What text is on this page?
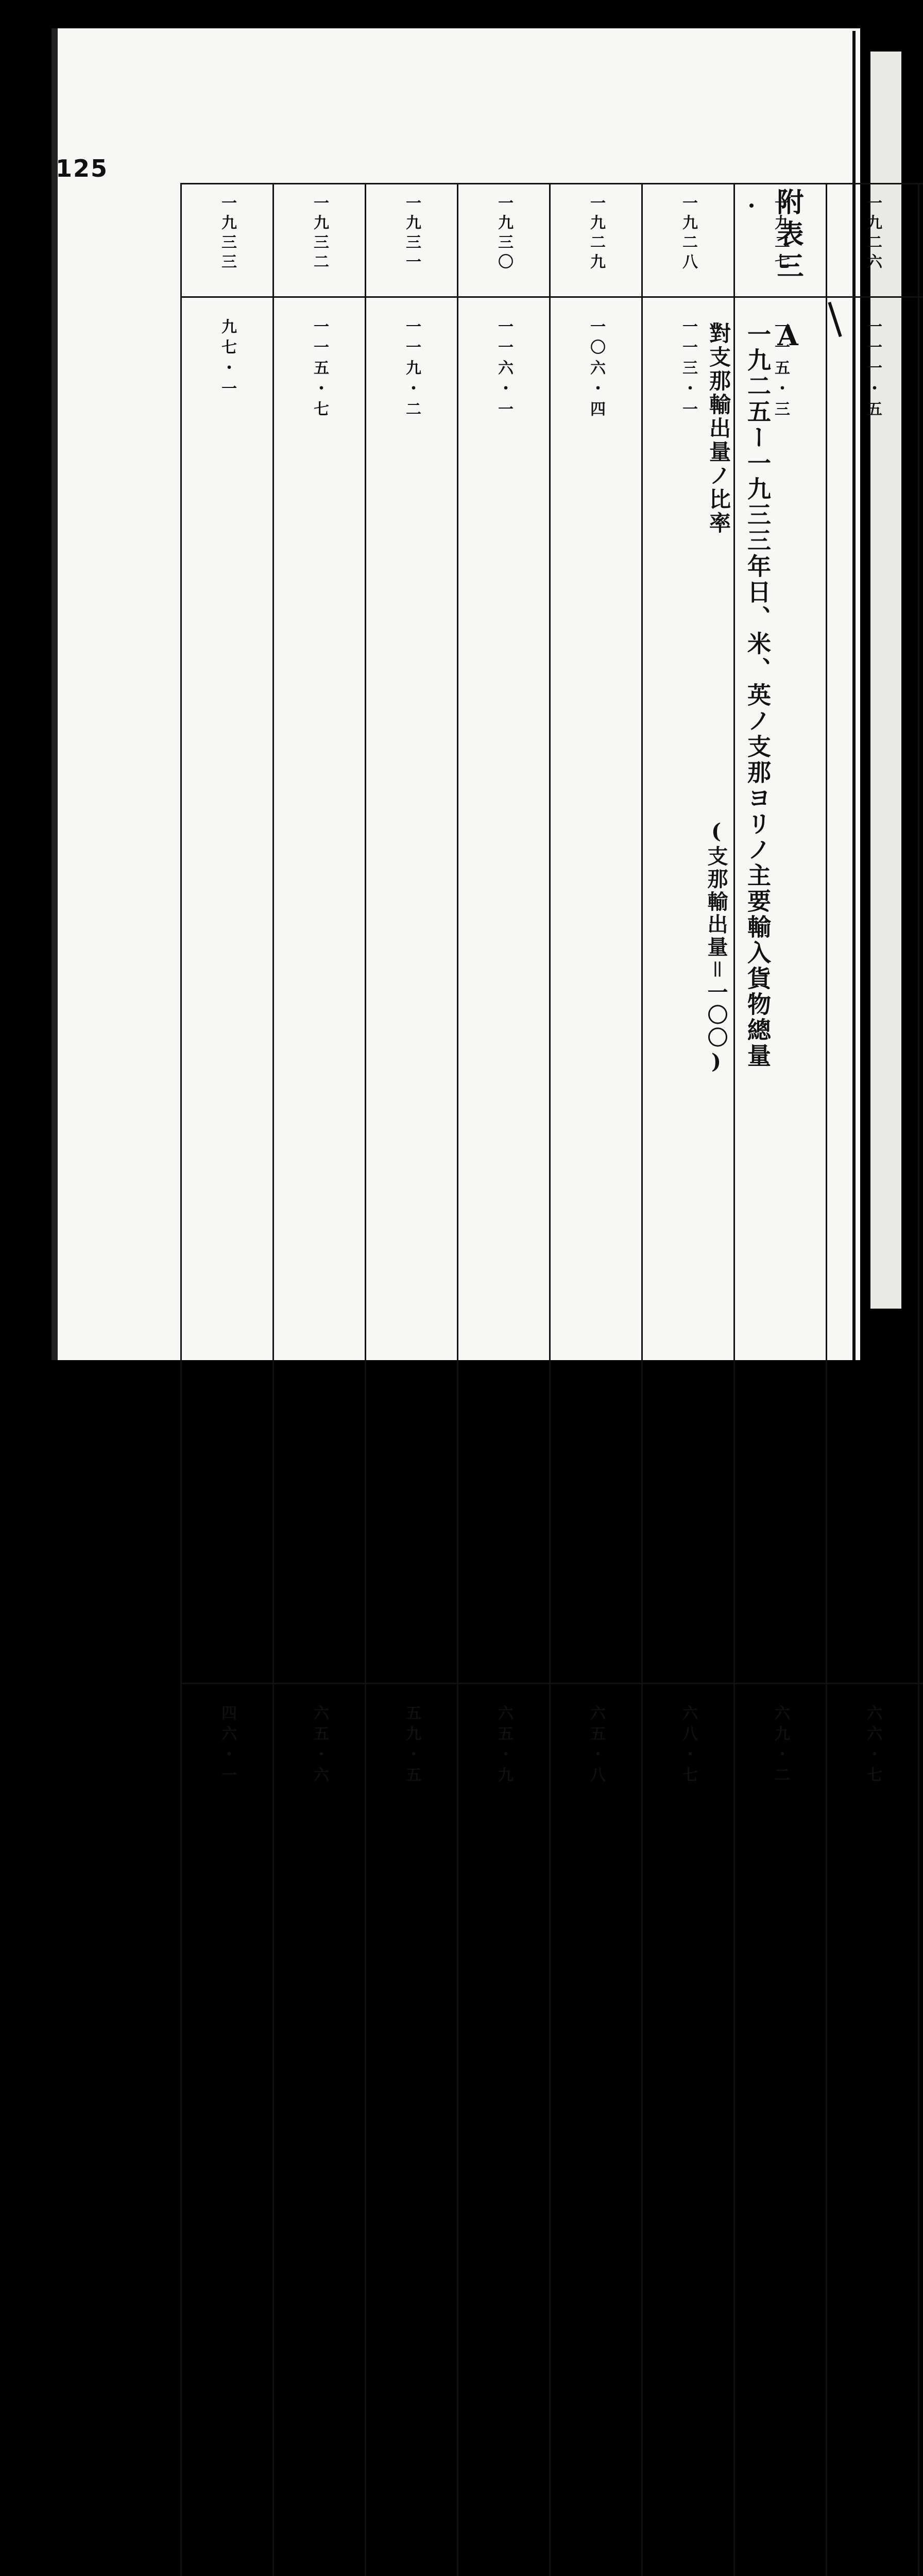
125
附表三 A
一九二五ー一九三三年日、米、英ノ支那ヨリノ主要輸入貨物總量
對支那輸出量ノ比率
(支那輸出量＝一〇〇)
一九三三	一九三二	一九三一	一九三〇	一九二九	一九二八	一九二七	一九二六

九七・一	一一五・七	一一九・二	一一六・一	一〇六・四	一一三・一	一一五・三	一一一・五
